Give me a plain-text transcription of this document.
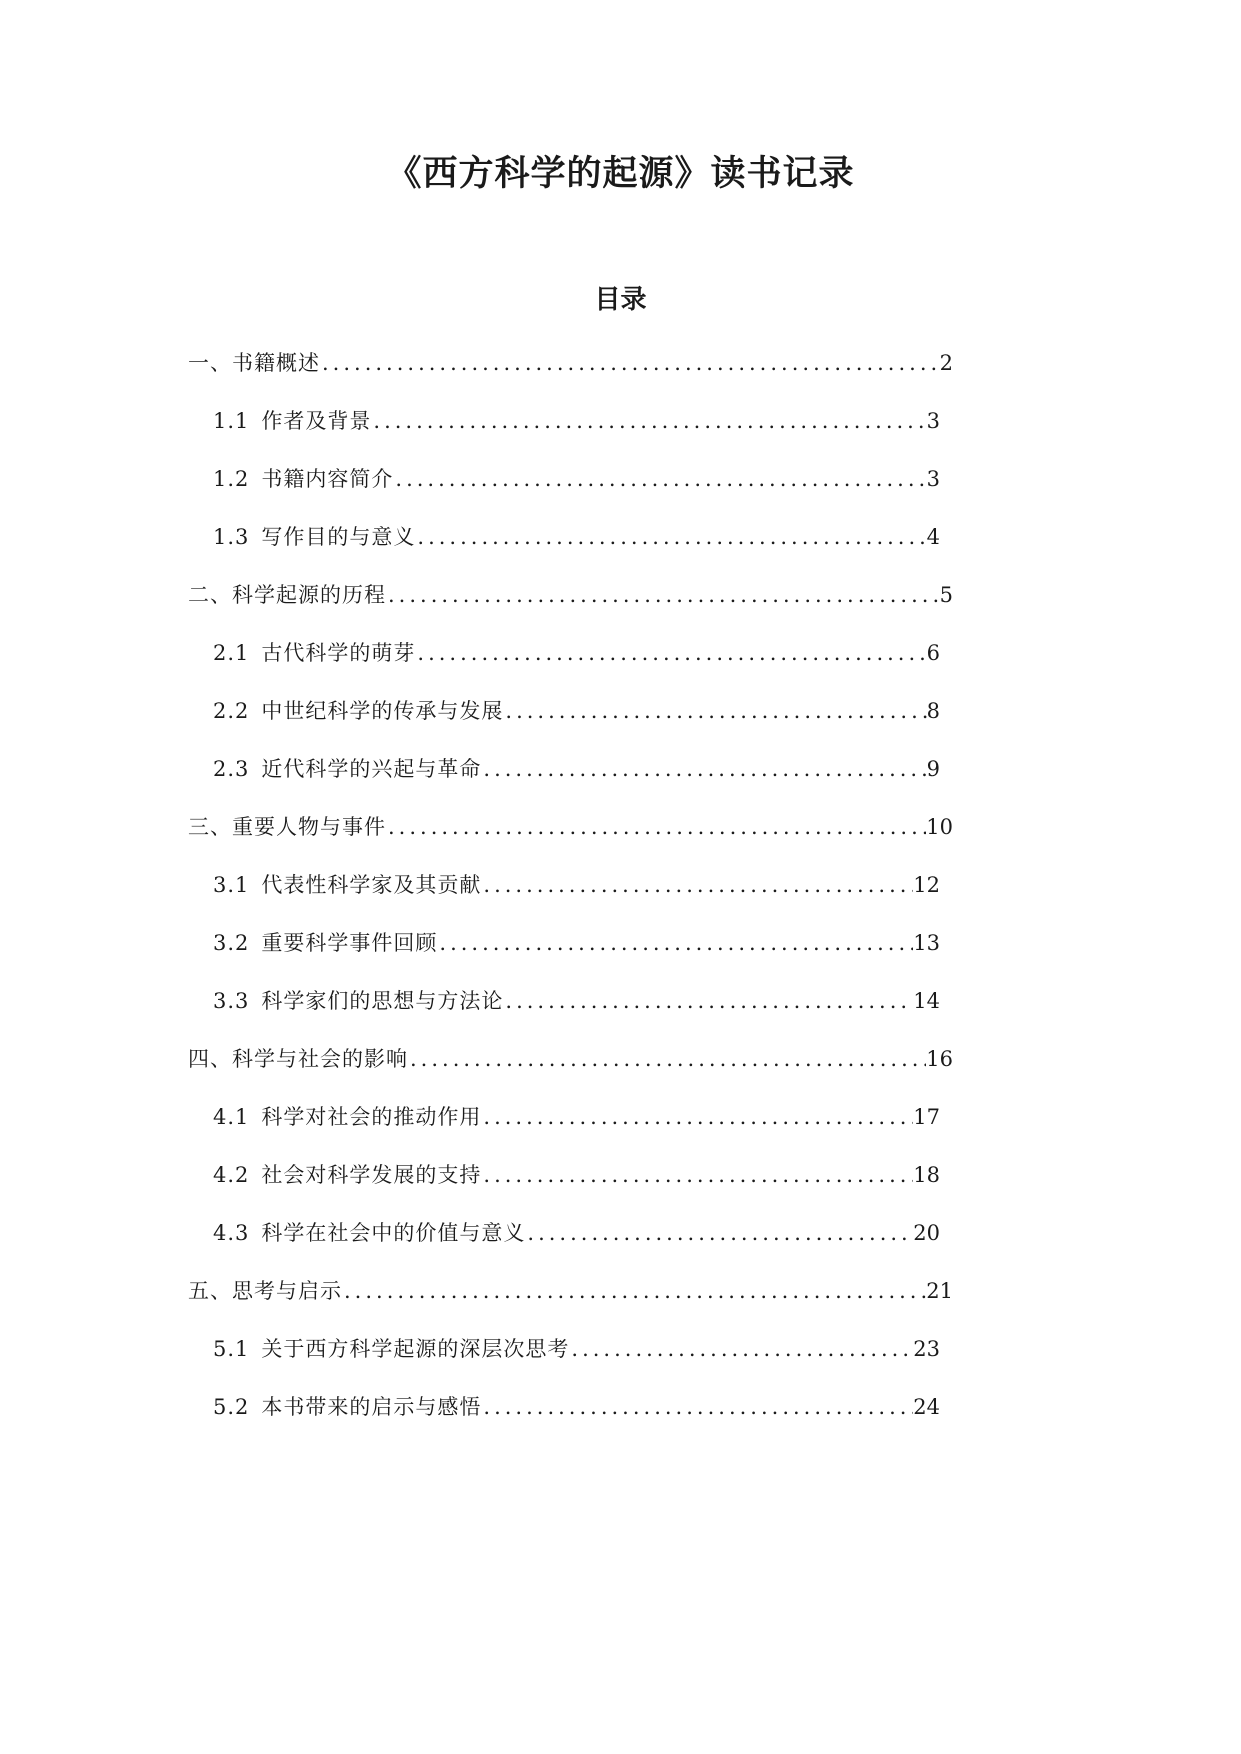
《西方科学的起源》读书记录
目录
一、书籍概述 .....	2
1.1 作者及背景 .....	3
1.2 书籍内容简介 .....	3
1.3 写作目的与意义 .....	4
二、科学起源的历程 .....	5
2.1 古代科学的萌芽 .....	6
2.2 中世纪科学的传承与发展 .....	8
2.3 近代科学的兴起与革命 .....	9
三、重要人物与事件 .....	10
3.1 代表性科学家及其贡献 .....	12
3.2 重要科学事件回顾 .....	13
3.3 科学家们的思想与方法论 .....	14
四、科学与社会的影响 .....	16
4.1 科学对社会的推动作用 .....	17
4.2 社会对科学发展的支持 .....	18
4.3 科学在社会中的价值与意义 .....	20
五、思考与启示 .....	21
5.1 关于西方科学起源的深层次思考 .....	23
5.2 本书带来的启示与感悟 .....	24
